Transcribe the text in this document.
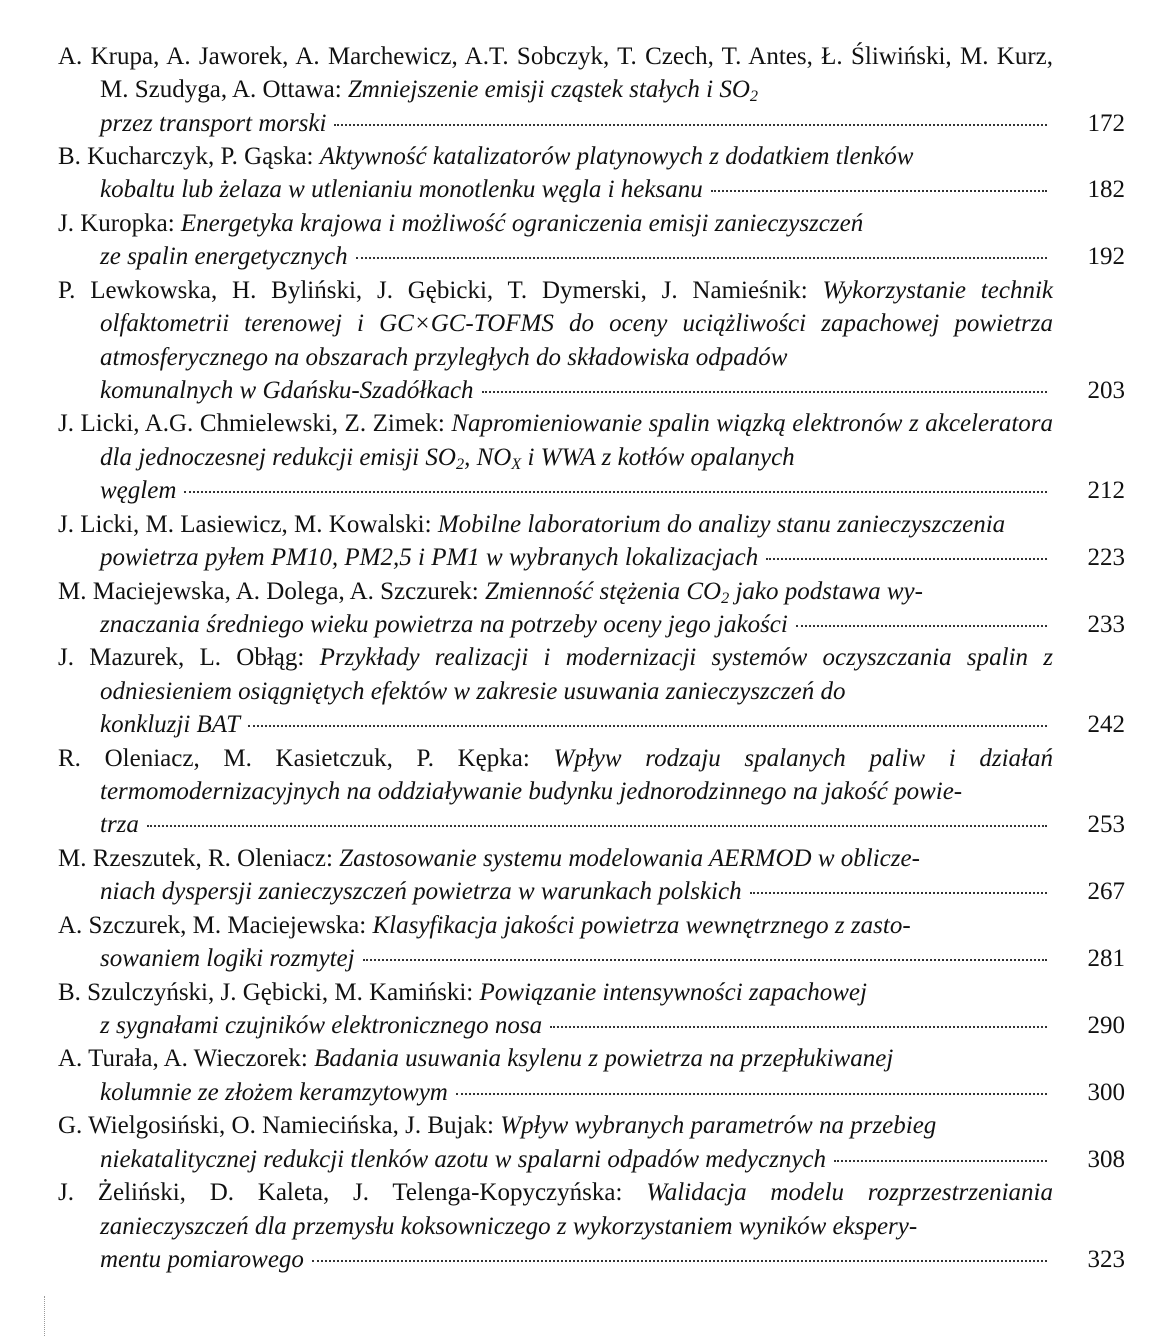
A. Krupa, A. Jaworek, A. Marchewicz, A.T. Sobczyk, T. Czech, T. Antes, Ł. Śliwiński, M. Kurz, M. Szudyga, A. Ottawa: Zmniejszenie emisji cząstek stałych i $SO_2$
przez transport morski	172
B. Kucharczyk, P. Gąska: Aktywność katalizatorów platynowych z dodatkiem tlenków
kobaltu lub żelaza w utlenianiu monotlenku węgla i heksanu	182
J. Kuropka: Energetyka krajowa i możliwość ograniczenia emisji zanieczyszczeń
ze spalin energetycznych	192
P. Lewkowska, H. Byliński, J. Gębicki, T. Dymerski, J. Namieśnik: Wykorzystanie technik olfaktometrii terenowej i GC×GC-TOFMS do oceny uciążliwości zapachowej powietrza atmosferycznego na obszarach przyległych do składowiska odpadów
komunalnych w Gdańsku-Szadółkach	203
J. Licki, A.G. Chmielewski, Z. Zimek: Napromieniowanie spalin wiązką elektronów z akceleratora dla jednoczesnej redukcji emisji $SO_2$, $NO_X$ i WWA z kotłów opalanych
węglem	212
J. Licki, M. Lasiewicz, M. Kowalski: Mobilne laboratorium do analizy stanu zanieczyszczenia
powietrza pyłem PM10, PM2,5 i PM1 w wybranych lokalizacjach	223
M. Maciejewska, A. Dolega, A. Szczurek: Zmienność stężenia $CO_2$ jako podstawa wy-
znaczania średniego wieku powietrza na potrzeby oceny jego jakości	233
J. Mazurek, L. Obłąg: Przykłady realizacji i modernizacji systemów oczyszczania spalin z odniesieniem osiągniętych efektów w zakresie usuwania zanieczyszczeń do
konkluzji BAT	242
R. Oleniacz, M. Kasietczuk, P. Kępka: Wpływ rodzaju spalanych paliw i działań termomodernizacyjnych na oddziaływanie budynku jednorodzinnego na jakość powie-
trza	253
M. Rzeszutek, R. Oleniacz: Zastosowanie systemu modelowania AERMOD w oblicze-
niach dyspersji zanieczyszczeń powietrza w warunkach polskich	267
A. Szczurek, M. Maciejewska: Klasyfikacja jakości powietrza wewnętrznego z zasto-
sowaniem logiki rozmytej	281
B. Szulczyński, J. Gębicki, M. Kamiński: Powiązanie intensywności zapachowej
z sygnałami czujników elektronicznego nosa	290
A. Turała, A. Wieczorek: Badania usuwania ksylenu z powietrza na przepłukiwanej
kolumnie ze złożem keramzytowym	300
G. Wielgosiński, O. Namiecińska, J. Bujak: Wpływ wybranych parametrów na przebieg
niekatalitycznej redukcji tlenków azotu w spalarni odpadów medycznych	308
J. Żeliński, D. Kaleta, J. Telenga-Kopyczyńska: Walidacja modelu rozprzestrzeniania zanieczyszczeń dla przemysłu koksowniczego z wykorzystaniem wyników ekspery-
mentu pomiarowego	323
